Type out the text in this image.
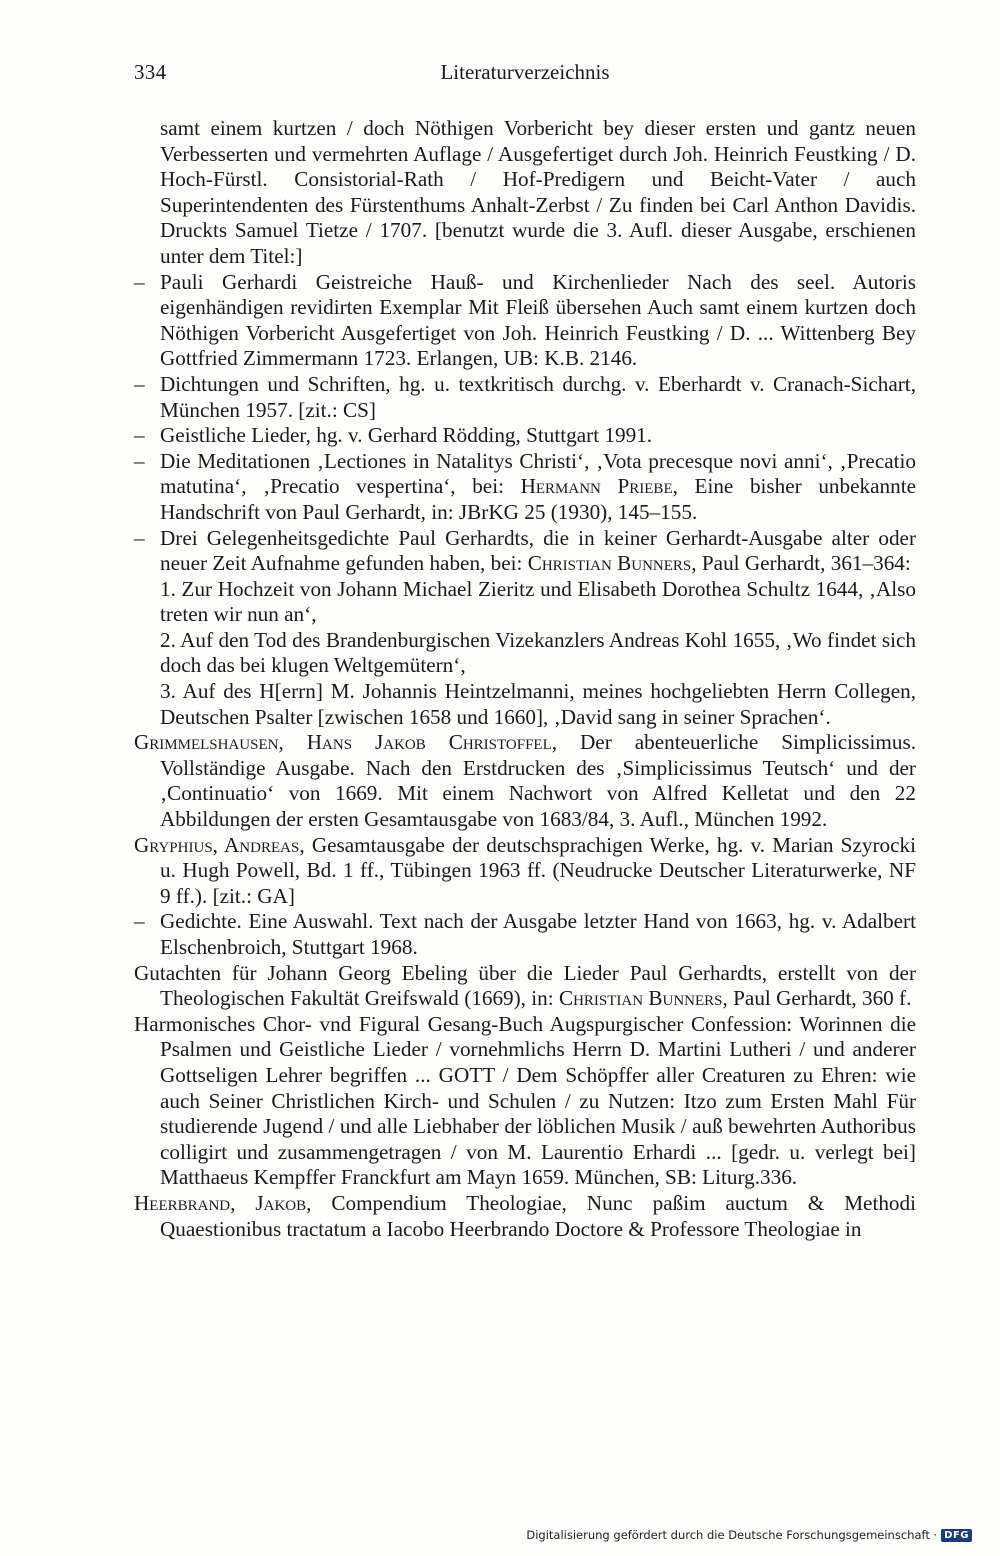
334	Literaturverzeichnis

samt einem kurtzen / doch Nöthigen Vorbericht bey dieser ersten und gantz neuen Verbesserten und vermehrten Auflage / Ausgefertiget durch Joh. Heinrich Feustking / D. Hoch-Fürstl. Consistorial-Rath / Hof-Predigern und Beicht-Vater / auch Superintendenten des Fürstenthums Anhalt-Zerbst / Zu finden bei Carl Anthon Davidis. Druckts Samuel Tietze / 1707. [benutzt wurde die 3. Aufl. dieser Ausgabe, erschienen unter dem Titel:]

– Pauli Gerhardi Geistreiche Hauß- und Kirchenlieder Nach des seel. Autoris eigenhändigen revidirten Exemplar Mit Fleiß übersehen Auch samt einem kurtzen doch Nöthigen Vorbericht Ausgefertiget von Joh. Heinrich Feustking / D. ... Wittenberg Bey Gottfried Zimmermann 1723. Erlangen, UB: K.B. 2146.

– Dichtungen und Schriften, hg. u. textkritisch durchg. v. Eberhardt v. Cranach-Sichart, München 1957. [zit.: CS]

– Geistliche Lieder, hg. v. Gerhard Rödding, Stuttgart 1991.

– Die Meditationen ‚Lectiones in Natalitys Christi‘, ‚Vota precesque novi anni‘, ‚Precatio matutina‘, ‚Precatio vespertina‘, bei: Hermann Priebe, Eine bisher unbekannte Handschrift von Paul Gerhardt, in: JBrKG 25 (1930), 145–155.

– Drei Gelegenheitsgedichte Paul Gerhardts, die in keiner Gerhardt-Ausgabe alter oder neuer Zeit Aufnahme gefunden haben, bei: Christian Bunners, Paul Gerhardt, 361–364:

1. Zur Hochzeit von Johann Michael Zieritz und Elisabeth Dorothea Schultz 1644, ‚Also treten wir nun an‘,

2. Auf den Tod des Brandenburgischen Vizekanzlers Andreas Kohl 1655, ‚Wo findet sich doch das bei klugen Weltgemütern‘,

3. Auf des H[errn] M. Johannis Heintzelmanni, meines hochgeliebten Herrn Collegen, Deutschen Psalter [zwischen 1658 und 1660], ‚David sang in seiner Sprachen‘.

Grimmelshausen, Hans Jakob Christoffel, Der abenteuerliche Simplicissimus. Vollständige Ausgabe. Nach den Erstdrucken des ‚Simplicissimus Teutsch‘ und der ‚Continuatio‘ von 1669. Mit einem Nachwort von Alfred Kelletat und den 22 Abbildungen der ersten Gesamtausgabe von 1683/84, 3. Aufl., München 1992.

Gryphius, Andreas, Gesamtausgabe der deutschsprachigen Werke, hg. v. Marian Szyrocki u. Hugh Powell, Bd. 1 ff., Tübingen 1963 ff. (Neudrucke Deutscher Literaturwerke, NF 9 ff.). [zit.: GA]

– Gedichte. Eine Auswahl. Text nach der Ausgabe letzter Hand von 1663, hg. v. Adalbert Elschenbroich, Stuttgart 1968.

Gutachten für Johann Georg Ebeling über die Lieder Paul Gerhardts, erstellt von der Theologischen Fakultät Greifswald (1669), in: Christian Bunners, Paul Gerhardt, 360 f.

Harmonisches Chor- vnd Figural Gesang-Buch Augspurgischer Confession: Worinnen die Psalmen und Geistliche Lieder / vornehmlichs Herrn D. Martini Lutheri / und anderer Gottseligen Lehrer begriffen ... GOTT / Dem Schöpffer aller Creaturen zu Ehren: wie auch Seiner Christlichen Kirch- und Schulen / zu Nutzen: Itzo zum Ersten Mahl Für studierende Jugend / und alle Liebhaber der löblichen Musik / auß bewehrten Authoribus colligirt und zusammengetragen / von M. Laurentio Erhardi ... [gedr. u. verlegt bei] Matthaeus Kempffer Franckfurt am Mayn 1659. München, SB: Liturg.336.

Heerbrand, Jakob, Compendium Theologiae, Nunc paßim auctum & Methodi Quaestionibus tractatum a Iacobo Heerbrando Doctore & Professore Theologiae in

Digitalisierung gefördert durch die Deutsche Forschungsgemeinschaft · DFG
